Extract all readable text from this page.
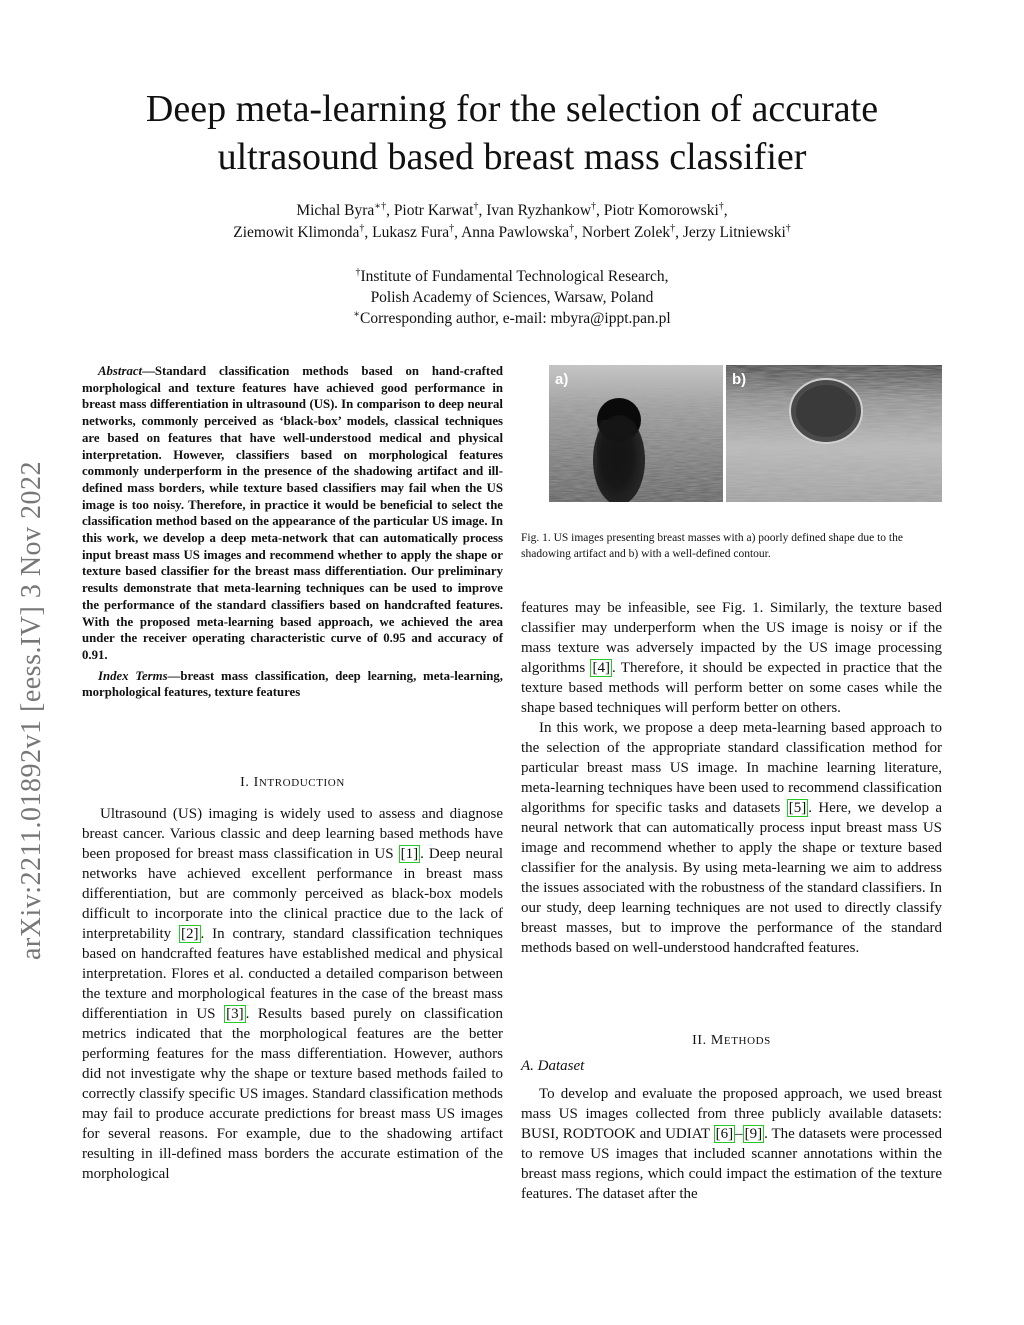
Deep meta-learning for the selection of accurate
ultrasound based breast mass classifier
Michal Byra∗†, Piotr Karwat†, Ivan Ryzhankow†, Piotr Komorowski†,
Ziemowit Klimonda†, Lukasz Fura†, Anna Pawlowska†, Norbert Zolek†, Jerzy Litniewski†
†Institute of Fundamental Technological Research,
Polish Academy of Sciences, Warsaw, Poland
∗Corresponding author, e-mail: mbyra@ippt.pan.pl
arXiv:2211.01892v1 [eess.IV] 3 Nov 2022

Abstract—Standard classification methods based on hand-crafted morphological and texture features have achieved good performance in breast mass differentiation in ultrasound (US). In comparison to deep neural networks, commonly perceived as ‘black-box’ models, classical techniques are based on features that have well-understood medical and physical interpretation. However, classifiers based on morphological features commonly underperform in the presence of the shadowing artifact and ill-defined mass borders, while texture based classifiers may fail when the US image is too noisy. Therefore, in practice it would be beneficial to select the classification method based on the appearance of the particular US image. In this work, we develop a deep meta-network that can automatically process input breast mass US images and recommend whether to apply the shape or texture based classifier for the breast mass differentiation. Our preliminary results demonstrate that meta-learning techniques can be used to improve the performance of the standard classifiers based on handcrafted features. With the proposed meta-learning based approach, we achieved the area under the receiver operating characteristic curve of 0.95 and accuracy of 0.91.

Index Terms—breast mass classification, deep learning, meta-learning, morphological features, texture features

I. INTRODUCTION

Ultrasound (US) imaging is widely used to assess and diagnose breast cancer. Various classic and deep learning based methods have been proposed for breast mass classification in US [1] . Deep neural networks have achieved excellent performance in breast mass differentiation, but are commonly perceived as black-box models difficult to incorporate into the clinical practice due to the lack of interpretability [2] . In contrary, standard classification techniques based on handcrafted features have established medical and physical interpretation. Flores et al. conducted a detailed comparison between the texture and morphological features in the case of the breast mass differentiation in US [3] . Results based purely on classification metrics indicated that the morphological features are the better performing features for the mass differentiation. However, authors did not investigate why the shape or texture based methods failed to correctly classify specific US images. Standard classification methods may fail to produce accurate predictions for breast mass US images for several reasons. For example, due to the shadowing artifact resulting in ill-defined mass borders the accurate estimation of the morphological

a)	b)
Fig. 1. US images presenting breast masses with a) poorly defined shape due to the shadowing artifact and b) with a well-defined contour.

features may be infeasible, see Fig. 1. Similarly, the texture based classifier may underperform when the US image is noisy or if the mass texture was adversely impacted by the US image processing algorithms [4] . Therefore, it should be expected in practice that the texture based methods will perform better on some cases while the shape based techniques will perform better on others.

In this work, we propose a deep meta-learning based approach to the selection of the appropriate standard classification method for particular breast mass US image. In machine learning literature, meta-learning techniques have been used to recommend classification algorithms for specific tasks and datasets [5] . Here, we develop a neural network that can automatically process input breast mass US image and recommend whether to apply the shape or texture based classifier for the analysis. By using meta-learning we aim to address the issues associated with the robustness of the standard classifiers. In our study, deep learning techniques are not used to directly classify breast masses, but to improve the performance of the standard methods based on well-understood handcrafted features.

II. METHODS
A. Dataset

To develop and evaluate the proposed approach, we used breast mass US images collected from three publicly available datasets: BUSI, RODTOOK and UDIAT [6] – [9] . The datasets were processed to remove US images that included scanner annotations within the breast mass regions, which could impact the estimation of the texture features. The dataset after the
